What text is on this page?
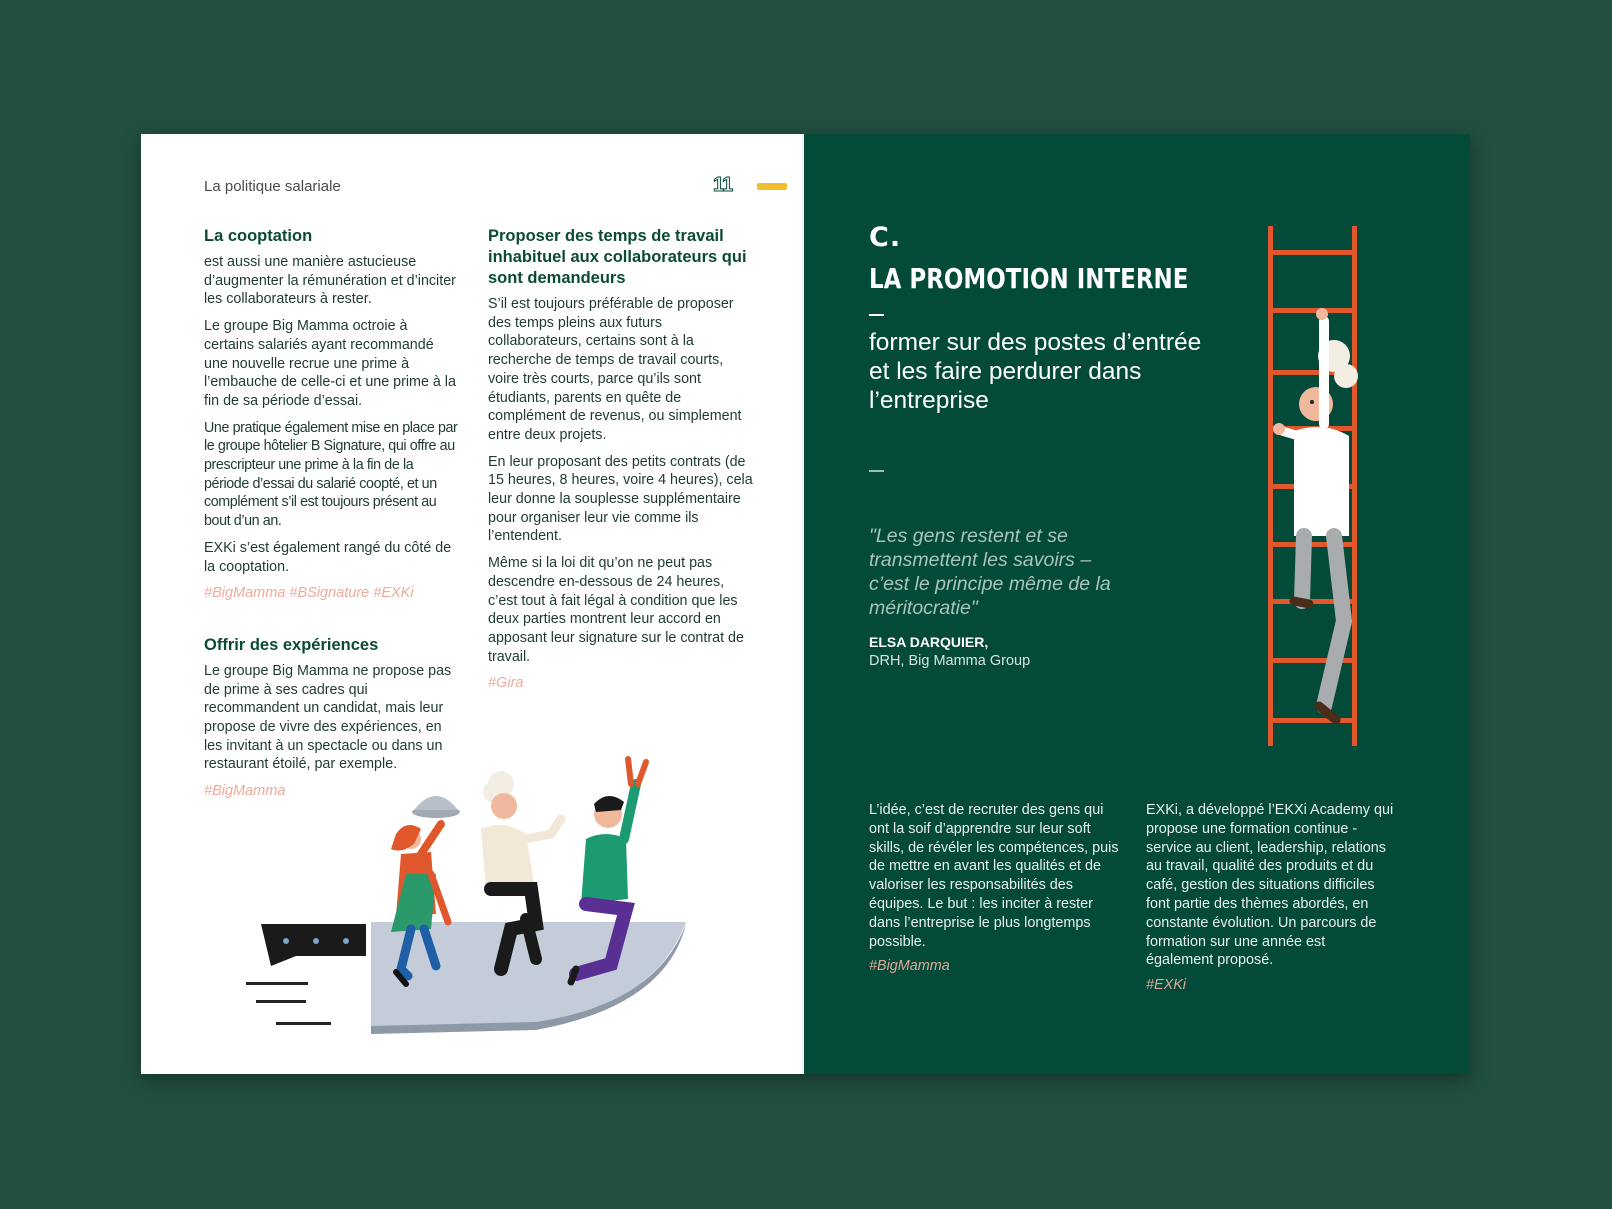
La politique salariale	11
La cooptation

est aussi une manière astucieuse d’augmenter la rémunération et d’inciter les collaborateurs à rester.

Le groupe Big Mamma octroie à certains salariés ayant recommandé une nouvelle recrue une prime à l’embauche de celle-ci et une prime à la fin de sa période d’essai.

Une pratique également mise en place par le groupe hôtelier B Signature, qui offre au prescripteur une prime à la fin de la période d’essai du salarié coopté, et un complément s’il est toujours présent au bout d’un an.

EXKi s’est également rangé du côté de la cooptation.

#BigMamma #BSignature #EXKi

Offrir des expériences

Le groupe Big Mamma ne propose pas de prime à ses cadres qui recommandent un candidat, mais leur propose de vivre des expériences, en les invitant à un spectacle ou dans un restaurant étoilé, par exemple.

#BigMamma

Proposer des temps de travail inhabituel aux collaborateurs qui sont demandeurs

S’il est toujours préférable de proposer des temps pleins aux futurs collaborateurs, certains sont à la recherche de temps de travail courts, voire très courts, parce qu’ils sont étudiants, parents en quête de complément de revenus, ou simplement entre deux projets.

En leur proposant des petits contrats (de 15 heures, 8 heures, voire 4 heures), cela leur donne la souplesse supplémentaire pour organiser leur vie comme ils l’entendent.

Même si la loi dit qu’on ne peut pas descendre en-dessous de 24 heures, c’est tout à fait légal à condition que les deux parties montrent leur accord en apposant leur signature sur le contrat de travail.

#Gira

C.
LA PROMOTION INTERNE
former sur des postes d’entrée et les faire perdurer dans l’entreprise
"Les gens restent et se transmettent les savoirs – c’est le principe même de la méritocratie"
ELSA DARQUIER,
DRH, Big Mamma Group

L’idée, c’est de recruter des gens qui ont la soif d’apprendre sur leur soft skills, de révéler les compétences, puis de mettre en avant les qualités et de valoriser les responsabilités des équipes. Le but : les inciter à rester dans l’entreprise le plus longtemps possible.

#BigMamma

EXKi, a développé l’EKXi Academy qui propose une formation continue - service au client, leadership, relations au travail, qualité des produits et du café, gestion des situations difficiles font partie des thèmes abordés, en constante évolution. Un parcours de formation sur une année est également proposé.

#EXKi
